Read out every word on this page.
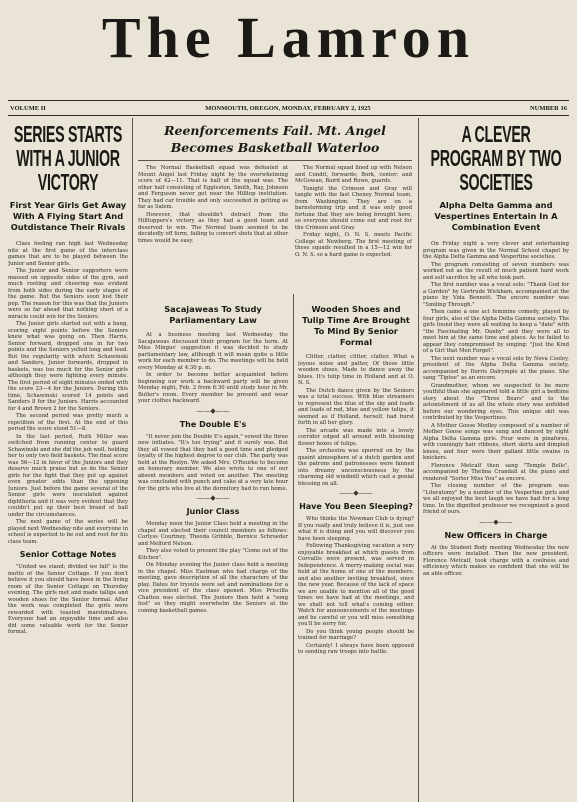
The Lamron
VOLUME II	MONMOUTH, OREGON, MONDAY, FEBRUARY 2, 1925	NUMBER 16
SERIES STARTS WITH A JUNIOR VICTORY
First Year Girls Get Away With A Flying Start And Outdistance Their Rivals

Class feeling ran high last Wednesday nite at the first game of the interclass games that are to be played between the Junior and Senior girls.

The Junior and Senior supporters were massed on opposite sides of the gym, and much rooting and cheering was evident from both sides during the early stages of the game. But the Seniors soon lost their pep. The reason for this was that the Juniors were so far ahead that nothing short of a miracle could win for the Seniors.

The Junior girls started out with a bang, scoring eight points before the Seniors knew what was going on. Then Harris, Senior forward, dropped one in for two points and the Seniors yelled long and loud. But the regularity with which Schawinski and Sanders, Junior forwards, dropped in baskets, was too much for the Senior girls although they were fighting every minute. The first period of eight minutes ended with the score 23—4 for the Juniors. During this time, Schawinski scored 14 points and Sanders 8 for the Juniors. Harris accounted for 4 and Brown 2 for the Seniors.

The second period was pretty much a repetition of the first. At the end of this period the score stood 51—8.

In the last period, Ruth Miller was switched from running center to guard Schawinski and she did the job well, holding her to only two field baskets. The final score was 56—12 in favor of the Juniors and they deserve much praise but so do the Senior girls for the fight that they put up against even greater odds than the opposing Juniors. Just before the game several of the Senior girls were inoculated against diphtheria and it was very evident that they couldn't put up their best brand of ball under the circumstances.

The next game of the series will be played next Wednesday nite and everyone in school is expected to be out and root for his class team.

Senior Cottage Notes

"United we stand; divided we fall" is the motto of the Senior Cottage. If you don't believe it you should have been in the living room of the Senior Cottage on Thursday evening. The girls met and made tallips and wooden shoes for the Senior formal. After the work was completed the girls were rewarded with toasted marshmallows. Everyone had an enjoyable time and also did some valuable work for the Senior formal.

Reenforcements Fail. Mt. Angel Becomes Basketball Waterloo

The Normal Basketball squad was defeated at Mount Angel last Friday night by the overwhelming score of 42—11. That is half of the squad was. The other half consisting of Eggleston, Smith, Ray, Johnson and Ferguson never got near the Hilltop institution. They had car trouble and only succeeded in getting as far as Salem.

However, that shouldn't detract from the Hilltoppers's victory as they had a good team and deserved to win. The Normal team seemed to be decidedly off form, failing to convert shots that at other times would be easy.

The Normal squad lined up with Nelson and Condit, forwards; Bork, center; and McGowan, Baird and Rowe, guards.

Tonight the Crimson and Gray will tangle with the fast Cheney Normal team, from Washington. They are on a barnstorming trip and it was only good fortune that they are being brought here, so everyone should come out and root for the Crimson and Gray.

Friday night, O. N. S. meets Pacific College at Newberg. The first meeting of these squads resulted in a 15—12 win for O. N. S. so a hard game is expected.

Sacajaweas To Study Parliamentary Law

At a business meeting last Wednesday the Sacajaweas discussed their program for the term. At Miss Mingus' suggestion it was decided to study parliamentary law, although it will mean quite a little work for each member to do. The meetings will be held every Monday at 4:30 p. m.

In order to become better acquainted before beginning our work a backward party will be given Monday night, Feb. 2 from 6:30 until study hour in Mr. Butler's room. Every member be present and wear your clothes backward.

——◆——
The Double E's

"It never join the Double E's again," vowed the three new initiates. "It's too trying" and it surely was. But they all vowed that they had a good time and pledged loyalty of the highest degree to our club. The party was held at the Roslyn. We asked Mrs. O'Rourke to become an honorary member. We also wrote to one of our absent members and voted on another. The meeting was concluded with punch and cake at a very late hour for the girls who live at the dormitory had to run home.

——◆——
Junior Class

Monday noon the Junior Class held a meeting in the chapel and elected their council members as follows: Corlyss Courtney, Theoda Gribble, Bernice Schroeder and Melford Nelson.

They also voted to present the play "Come out of the Kitchen".

On Monday evening the Junior class held a meeting in the chapel. Miss Eastman who had charge of the meeting, gave description of all the characters of the play. Dates for tryouts were set and nominations for a vice president of the class opened. Miss Priscilla Chatten was elected. The Juniors then held a "song fest" so they might overwhelm the Seniors at the coming basketball games.

Wooden Shoes and Tulip Time Are Brought To Mind By Senior Formal

Clitter, clatter, clitter, clatter. What a joyous noise and patter, Of those little wooden shoes, Made to dance away the blues. It's tulip time in Holland and at O. N. S.

The Dutch dance given by the Seniors was a total success. With blue streamers to represent the blue of the sky and loads and loads of red, blue and yellow tulips, it seemed as if Holland, herself, had burst forth in all her glory.

The arcade was made into a lovely corridor edged all around with blooming flower boxes of tulips.

The orchestra was spurred on by the quaint atmosphere of a dutch garden and the patrons and patronesses were fanned into dreamy unconsciousness by the charming old windmill which cast a genial blessing on all.

——◆——
Have You Been Sleeping?

Who thinks the Newman Club is dying? If you really and truly believe it is, just see what it is doing and you will discover you have been sleeping.

Following Thanksgiving vacation a very enjoyable breakfast at which guests from Corvallis were present, was served in Independence. A merry-making social was held at the home of one of the members; and also another inviting breakfast, since the new year. Because of the lack of space we are unable to mention all of the good times we have had at the meetings, and we shall not tell what's coming either. Watch for announcements of the meetings and be careful or you will miss something you'll be sorry for.

Do you think young people should be trained for marriage?

Certainly! I always have been opposed to sending raw troops into battle.

A CLEVER PROGRAM BY TWO SOCIETIES
Alpha Delta Gamma and Vespertines Entertain In A Combination Event

On Friday night a very clever and entertaining program was given in the Normal School chapel by the Alpha Delta Gamma and Vespertine societies.

The program consisting of seven numbers was worked out as the result of much patient hard work and self sacrifice by all who took part.

The first number was a vocal solo: "Thank God for a Garden" by Gertrude Wickham, accompanied at the piano by Vida Bennett. The encore number was "Smiling Through."

Then came a one act feminine comedy, played by four girls, also of the Alpha Delta Gamma society. The girls found they were all waiting to keep a "date" with "the Fascinating Mr. Danby" and they were all to meet him at the same time and place. As he failed to appear they compromised by singing: "Just the Kind of a Girl that Men Forget".

The next number was a vocal solo by Neva Cooley, president of the Alpha Delta Gamma society, accompanied by Dorris Dalrymple at the piano. She sang "Tiptoe" as an encore.

Grandmother, whom we suspected to be more youthful than she appeared told a little girl a bedtime story about the "Three Bears" and to the astonishment of us all the whole story was unfolded before our wondering eyes. This unique skit was contributed by the Vespertines.

A Mother Goose Medley composed of a number of Mother Goose songs was sung and danced by eight Alpha Delta Gamma girls. Four were in pinafores, with cunningly hair ribbons, short skirts and dimpled knees, and four were their gallant little swains in knickers.

Florence Metcalf then sang "Temple Bells", accompanied by Thelma Crandall at the piano and rendered "Sorter Miss You" as encore.

The closing number of the program was "Literatomy" by a number of the Vespertine girls and we all enjoyed the best laugh we have had for a long time. In the dignified professor we recognized a good friend of ours.

——◆——
New Officers in Charge

At the Student Body meeting Wednesday the new officers were installed. Then the new president, Florence Metcalf, took charge with a coolness and efficiency which makes us confident that she will be an able officer.
